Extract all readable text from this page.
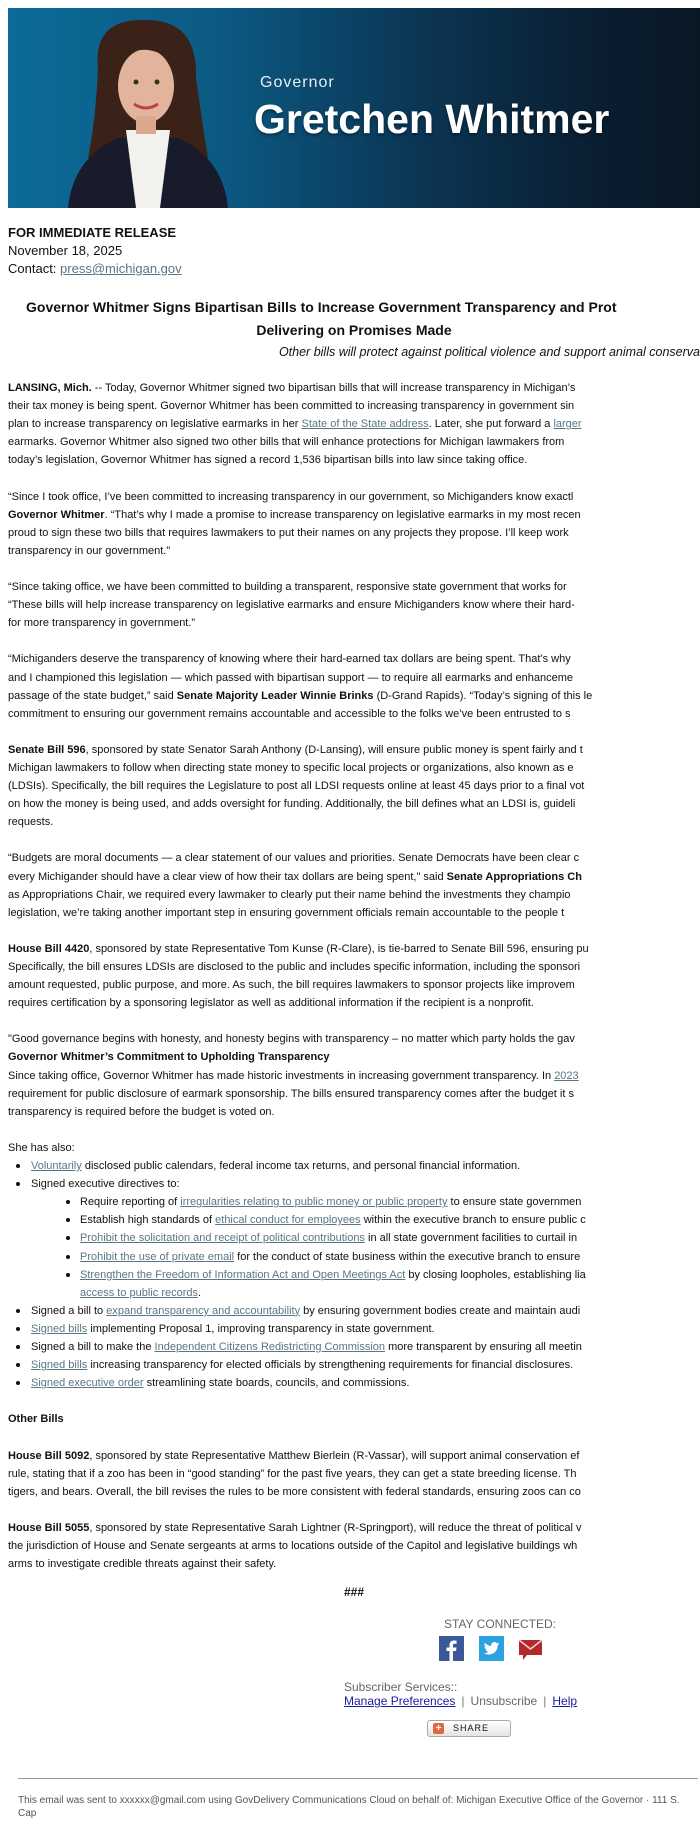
Governor
Gretchen Whitmer
FOR IMMEDIATE RELEASE
November 18, 2025
Contact: press@michigan.gov
Governor Whitmer Signs Bipartisan Bills to Increase Government Transparency and Prot
Delivering on Promises Made
Other bills will protect against political violence and support animal conserva
LANSING, Mich. -- Today, Governor Whitmer signed two bipartisan bills that will increase transparency in Michigan’s
their tax money is being spent. Governor Whitmer has been committed to increasing transparency in government sin
plan to increase transparency on legislative earmarks in her State of the State address. Later, she put forward a larger
earmarks. Governor Whitmer also signed two other bills that will enhance protections for Michigan lawmakers from
today’s legislation, Governor Whitmer has signed a record 1,536 bipartisan bills into law since taking office.
“Since I took office, I’ve been committed to increasing transparency in our government, so Michiganders know exactl
Governor Whitmer. “That’s why I made a promise to increase transparency on legislative earmarks in my most recen
proud to sign these two bills that requires lawmakers to put their names on any projects they propose. I’ll keep work
transparency in our government."
“Since taking office, we have been committed to building a transparent, responsive state government that works for
“These bills will help increase transparency on legislative earmarks and ensure Michiganders know where their hard-
for more transparency in government.”
“Michiganders deserve the transparency of knowing where their hard-earned tax dollars are being spent. That’s why
and I championed this legislation — which passed with bipartisan support — to require all earmarks and enhanceme
passage of the state budget,” said Senate Majority Leader Winnie Brinks (D-Grand Rapids). “Today’s signing of this le
commitment to ensuring our government remains accountable and accessible to the folks we’ve been entrusted to s
Senate Bill 596, sponsored by state Senator Sarah Anthony (D-Lansing), will ensure public money is spent fairly and t
Michigan lawmakers to follow when directing state money to specific local projects or organizations, also known as e
(LDSIs). Specifically, the bill requires the Legislature to post all LDSI requests online at least 45 days prior to a final vot
on how the money is being used, and adds oversight for funding. Additionally, the bill defines what an LDSI is, guideli
requests.
“Budgets are moral documents — a clear statement of our values and priorities. Senate Democrats have been clear c
every Michigander should have a clear view of how their tax dollars are being spent," said Senate Appropriations Ch
as Appropriations Chair, we required every lawmaker to clearly put their name behind the investments they champio
legislation, we’re taking another important step in ensuring government officials remain accountable to the people t
House Bill 4420, sponsored by state Representative Tom Kunse (R-Clare), is tie-barred to Senate Bill 596, ensuring pu
Specifically, the bill ensures LDSIs are disclosed to the public and includes specific information, including the sponsori
amount requested, public purpose, and more. As such, the bill requires lawmakers to sponsor projects like improvem
requires certification by a sponsoring legislator as well as additional information if the recipient is a nonprofit.
"Good governance begins with honesty, and honesty begins with transparency – no matter which party holds the gav
Governor Whitmer’s Commitment to Upholding Transparency
Since taking office, Governor Whitmer has made historic investments in increasing government transparency. In 2023
requirement for public disclosure of earmark sponsorship. The bills ensured transparency comes after the budget it s
transparency is required before the budget is voted on.
She has also:
Voluntarily disclosed public calendars, federal income tax returns, and personal financial information.
Signed executive directives to:
Require reporting of irregularities relating to public money or public property to ensure state governmen
Establish high standards of ethical conduct for employees within the executive branch to ensure public c
Prohibit the solicitation and receipt of political contributions in all state government facilities to curtail in
Prohibit the use of private email for the conduct of state business within the executive branch to ensure
Strengthen the Freedom of Information Act and Open Meetings Act by closing loopholes, establishing lia
access to public records.
Signed a bill to expand transparency and accountability by ensuring government bodies create and maintain audi
Signed bills implementing Proposal 1, improving transparency in state government.
Signed a bill to make the Independent Citizens Redistricting Commission more transparent by ensuring all meetin
Signed bills increasing transparency for elected officials by strengthening requirements for financial disclosures.
Signed executive order streamlining state boards, councils, and commissions.
Other Bills
House Bill 5092, sponsored by state Representative Matthew Bierlein (R-Vassar), will support animal conservation ef
rule, stating that if a zoo has been in “good standing” for the past five years, they can get a state breeding license. Th
tigers, and bears. Overall, the bill revises the rules to be more consistent with federal standards, ensuring zoos can co
House Bill 5055, sponsored by state Representative Sarah Lightner (R-Springport), will reduce the threat of political v
the jurisdiction of House and Senate sergeants at arms to locations outside of the Capitol and legislative buildings wh
arms to investigate credible threats against their safety.
###
STAY CONNECTED:
Subscriber Services::
Manage Preferences | Unsubscribe | Help
+ SHARE
This email was sent to xxxxxx@gmail.com using GovDelivery Communications Cloud on behalf of: Michigan Executive Office of the Governor · 111 S. Cap
